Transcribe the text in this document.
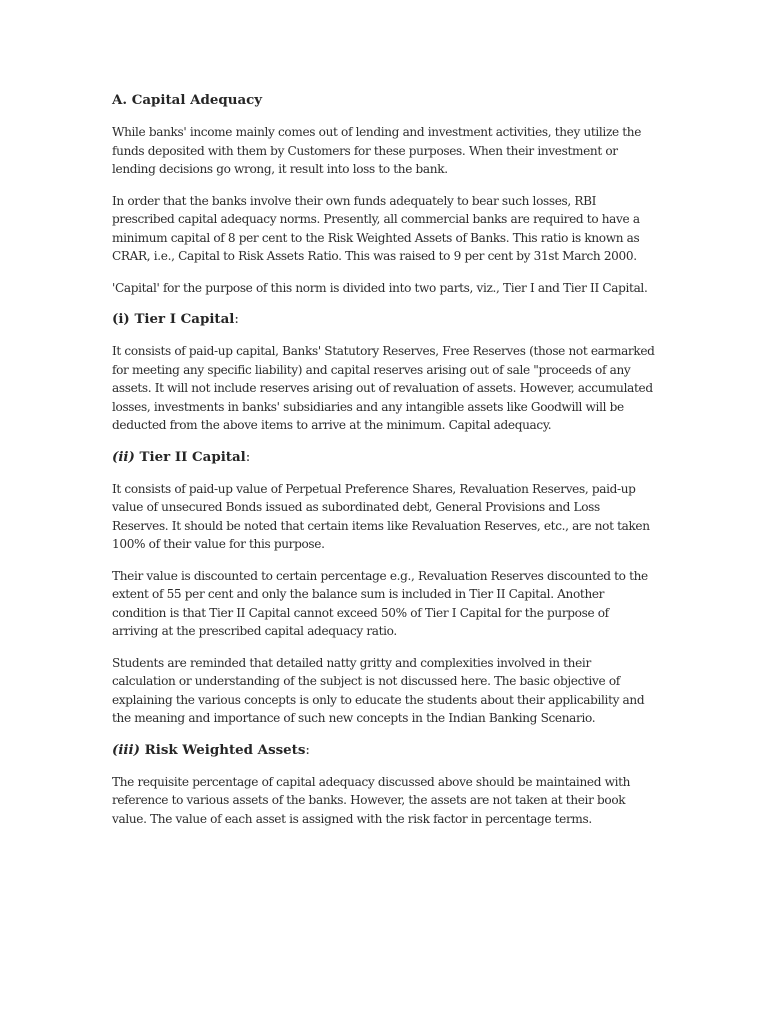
A. Capital Adequacy

While banks' income mainly comes out of lending and investment activities, they utilize the
funds deposited with them by Customers for these purposes. When their investment or
lending decisions go wrong, it result into loss to the bank.

In order that the banks involve their own funds adequately to bear such losses, RBI
prescribed capital adequacy norms. Presently, all commercial banks are required to have a
minimum capital of 8 per cent to the Risk Weighted Assets of Banks. This ratio is known as
CRAR, i.e., Capital to Risk Assets Ratio. This was raised to 9 per cent by 31st March 2000.

'Capital' for the purpose of this norm is divided into two parts, viz., Tier I and Tier II Capital.

(i) Tier I Capital:

It consists of paid-up capital, Banks' Statutory Reserves, Free Reserves (those not earmarked
for meeting any specific liability) and capital reserves arising out of sale "proceeds of any
assets. It will not include reserves arising out of revaluation of assets. However, accumulated
losses, investments in banks' subsidiaries and any intangible assets like Goodwill will be
deducted from the above items to arrive at the minimum. Capital adequacy.

(ii) Tier II Capital:

It consists of paid-up value of Perpetual Preference Shares, Revaluation Reserves, paid-up
value of unsecured Bonds issued as subordinated debt, General Provisions and Loss
Reserves. It should be noted that certain items like Revaluation Reserves, etc., are not taken
100% of their value for this purpose.

Their value is discounted to certain percentage e.g., Revaluation Reserves discounted to the
extent of 55 per cent and only the balance sum is included in Tier II Capital. Another
condition is that Tier II Capital cannot exceed 50% of Tier I Capital for the purpose of
arriving at the prescribed capital adequacy ratio.

Students are reminded that detailed natty gritty and complexities involved in their
calculation or understanding of the subject is not discussed here. The basic objective of
explaining the various concepts is only to educate the students about their applicability and
the meaning and importance of such new concepts in the Indian Banking Scenario.

(iii) Risk Weighted Assets:

The requisite percentage of capital adequacy discussed above should be maintained with
reference to various assets of the banks. However, the assets are not taken at their book
value. The value of each asset is assigned with the risk factor in percentage terms.
